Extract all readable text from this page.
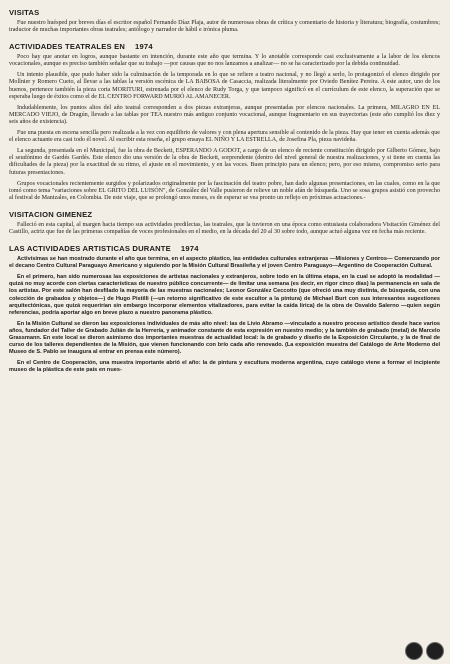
VISITAS

Fue nuestro huésped por breves días el escritor español Fernando Díaz Plaja, autor de numerosas obras de crítica y comentario de historia y literatura; biografía, costumbres; traductor de muchas importantes obras teatrales; antólogo y narrador de hábil e irónica pluma.

ACTIVIDADES TEATRALES EN 1974

Poco hay que anotar en logros, aunque bastante en intención, durante este año que termina. Y lo anotable corresponde casi exclusivamente a la labor de los elencos vocacionales, aunque es preciso también señalar que su trabajo —por causas que no nos lanzamos a analizar— no se ha caracterizado por la debida continuidad.

Un intento plausible, que pudo haber sido la culminación de la temporada en lo que se refiere a teatro nacional, y no llegó a serlo, lo protagonizó el elenco dirigido por Mollnier y Romero Cueto, al llevar a las tablas la versión escénica de LA BABOSA de Casaccia, realizada literalmente por Oviedo Benítez Pereira. A este autor, uno de los buenos, pertenece también la pieza corta MORITURI, estrenada por el elenco de Rudy Torga, y que tampoco significó en el currículum de este elenco, la superación que se esperaba luego de éxitos como el de EL CENTRO FORWARD MURIÓ AL AMANECER.

Indudablemente, los puntos altos del año teatral corresponden a dos piezas extranjeras, aunque presentadas por elencos nacionales. La primera, MILAGRO EN EL MERCADO VIEJO, de Dragún, llevado a las tablas por TEA nuestro más antiguo conjunto vocacional, aunque fragmentario en sus trayectorias (este año cumplió los diez y seis años de existencia).

Fue una puesta en escena sencilla pero realizada a la vez con equilibrio de valores y con plena apertura sensible al contenido de la pieza. Hay que tener en cuenta además que el elenco actuante era casi todo él novel. Al escribir esta reseña, el grupo ensaya EL NIÑO Y LA ESTRELLA, de Josefina Pla, pieza navideña.

La segunda, presentada en el Municipal, fue la obra de Beckett, ESPERANDO A GODOT, a cargo de un elenco de reciente constitución dirigido por Gilberto Gómez, bajo el seudónimo de Gardés Gardés. Este elenco dio una versión de la obra de Beckett, sorprendente (dentro del nivel general de nuestra realizaciones, y si tiene en cuenta las dificultades de la pieza) por la exactitud de su ritmo, el ajuste en el movimiento, y en las voces. Buen principio para un elenco; pero, por eso mismo, compromiso serio para futuras presentaciones.

Grupos vocacionales recientemente surgidos y polarizados originalmente por la fascinación del teatro pobre, han dado algunas presentaciones, en las cuales, como en la que tomó como tema "variaciones sobre EL GRITO DEL LUISÓN", de González del Valle pusieron de relieve un noble afán de búsqueda. Uno se sosa grupos asistió con provecho al festival de Manizales, en Colombia. De este viaje, que se prolongó unos meses, es de esperar se vea pronto un reflejo en próximas actuaciones.-

VISITACION GIMENEZ

Falleció en esta capital, al margen hacia tiempo sus actividades predilectas, las teatrales, que la tuvieron en una época como entusiasta colaboradora Visitación Giménez del Castillo, actriz que fue de las primeras compañías de voces profesionales en el medio, en la década del 20 al 30 sobre todo, aunque actuó alguna vez en fecha más reciente.

LAS ACTIVIDADES ARTISTICAS DURANTE 1974

Activísimas se han mostrado durante el año que termina, en el aspecto plástico, las entidades culturales extranjeras —Misiones y Centros— Comenzando por el decano Centro Cultural Paraguayo Americano y siguiendo por la Misión Cultural Brasileña y el joven Centro Paraguayo—Argentino de Cooperación Cultural.

En el primero, han sido numerosas las exposiciones de artistas nacionales y extranjeros, sobre todo en la última etapa, en la cual se adoptó la modalidad — quizá no muy acorde con ciertas características de nuestro público concurrente— de limitar una semana (es decir, en rigor cinco días) la permanencia en sala de los artistas. Por este salón han desfilado la mayoría de las muestras nacionales; Leonor González Ceccotto (que ofreció una muy distinta, de búsqueda, con una colección de grabados y objetos—) de Hugo Pistilli (—un retorno significativo de este escultor a la pintura) de Michael Burt con sus interesantes sugestiones arquitectónicas, que quizá requerirían sin embargo incorporar elementos vitalizadores, para evitar la caída lírica) de la obra de Osvaldo Salerno —quien según referencias, podría aportar algo en breve plazo a nuestro panorama plástico.

En la Misión Cultural se dieron las exposiciones individuales de más alto nivel: las de Livio Abramo —vinculado a nuestro proceso artístico desde hace varios años, fundador del Taller de Grabado Julián de la Herrería, y animador constante de esta expresión en nuestro medio; y la también de grabado (metal) de Marcelo Grassmann. En este local se dieron asimismo dos importantes muestras de actualidad local: la de grabado y diseño de la Exposición Circulante, y la de final de curso de los talleres dependientes de la Misión, que vienen funcionando con brío cada año renovado. (La exposición muestra del Catálogo de Arte Moderno del Museo de S. Pablo se inaugura al entrar en prensa este número).

En el Centro de Cooperación, una muestra importante abrió el año: la de pintura y escultura moderna argentina, cuyo catálogo viene a formar el incipiente museo de la plástica de este país en nues-
